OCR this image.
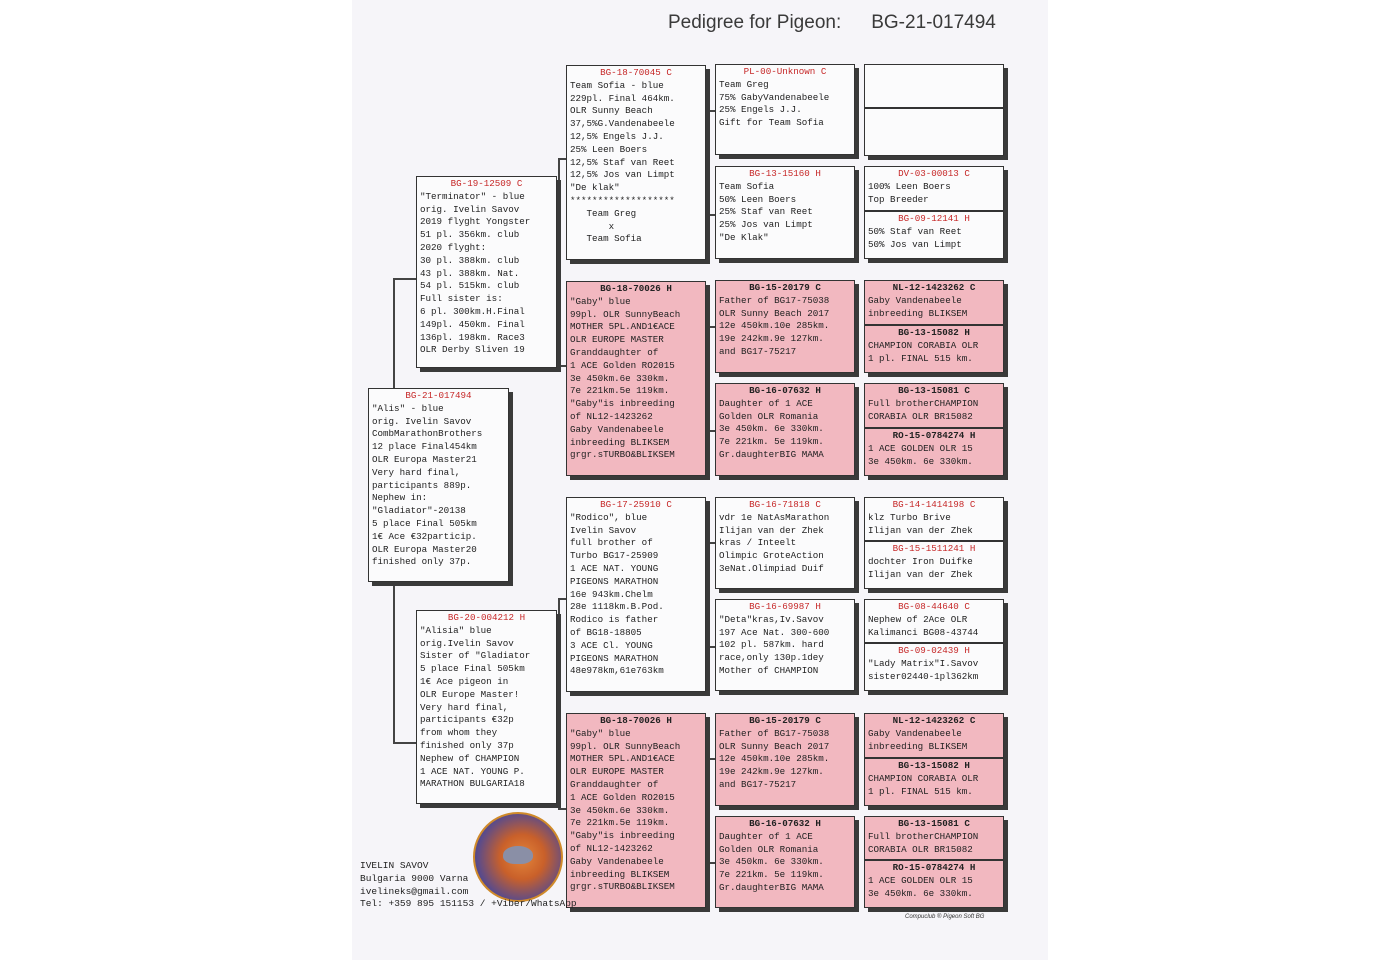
Pedigree for Pigeon: BG-21-017494
BG-21-017494
"Alis" - blue
orig. Ivelin Savov
CombMarathonBrothers
12 place Final454km
OLR Europa Master21
Very hard final,
participants 889p.
Nephew in:
"Gladiator"-20138
5 place Final 505km
1€ Ace €32particip.
OLR Europa Master20
finished only 37p.
BG-19-12509 C
"Terminator" - blue
orig. Ivelin Savov
2019 flyght Yongster
51 pl. 356km. club
2020 flyght:
30 pl. 388km. club
43 pl. 388km. Nat.
54 pl. 515km. club
Full sister is:
6 pl. 300km.H.Final
149pl. 450km. Final
136pl. 198km. Race3
OLR Derby Sliven 19
BG-20-004212 H
"Alisia" blue
orig.Ivelin Savov
Sister of "Gladiator
5 place Final 505km
1€ Ace pigeon in
OLR Europe Master!
Very hard final,
participants €32p
from whom they
finished only 37p
Nephew of CHAMPION
1 ACE NAT. YOUNG P.
MARATHON BULGARIA18
BG-18-70045 C
Team Sofia - blue
229pl. Final 464km.
OLR Sunny Beach
37,5%G.Vandenabeele
12,5% Engels J.J.
25% Leen Boers
12,5% Staf van Reet
12,5% Jos van Limpt
"De klak"
*******************
Team Greg
x
Team Sofia
BG-18-70026 H
"Gaby" blue
99pl. OLR SunnyBeach
MOTHER 5PL.AND1€ACE
OLR EUROPE MASTER
Granddaughter of
1 ACE Golden RO2015
3e 450km.6e 330km.
7e 221km.5e 119km.
"Gaby"is inbreeding
of NL12-1423262
Gaby Vandenabeele
inbreeding BLIKSEM
grgr.sTURBO&BLIKSEM
BG-17-25910 C
"Rodico", blue
Ivelin Savov
full brother of
Turbo BG17-25909
1 ACE NAT. YOUNG
PIGEONS MARATHON
16e 943km.Chelm
28e 1118km.B.Pod.
Rodico is father
of BG18-18805
3 ACE Cl. YOUNG
PIGEONS MARATHON
48e978km,61e763km
BG-18-70026 H
"Gaby" blue
99pl. OLR SunnyBeach
MOTHER 5PL.AND1€ACE
OLR EUROPE MASTER
Granddaughter of
1 ACE Golden RO2015
3e 450km.6e 330km.
7e 221km.5e 119km.
"Gaby"is inbreeding
of NL12-1423262
Gaby Vandenabeele
inbreeding BLIKSEM
grgr.sTURBO&BLIKSEM
PL-00-Unknown C
Team Greg
75% GabyVandenabeele
25% Engels J.J.
Gift for Team Sofia
BG-13-15160 H
Team Sofia
50% Leen Boers
25% Staf van Reet
25% Jos van Limpt
"De Klak"
BG-15-20179 C
Father of BG17-75038
OLR Sunny Beach 2017
12e 450km.10e 285km.
19e 242km.9e 127km.
and BG17-75217
BG-16-07632 H
Daughter of 1 ACE
Golden OLR Romania
3e 450km. 6e 330km.
7e 221km. 5e 119km.
Gr.daughterBIG MAMA
BG-16-71818 C
vdr 1e NatAsMarathon
Ilijan van der Zhek
kras / Inteelt
Olimpic GroteAction
3eNat.Olimpiad Duif
BG-16-69987 H
"Deta"kras,Iv.Savov
197 Ace Nat. 300-600
102 pl. 587km. hard
race,only 130p.1dey
Mother of CHAMPION
BG-15-20179 C
Father of BG17-75038
OLR Sunny Beach 2017
12e 450km.10e 285km.
19e 242km.9e 127km.
and BG17-75217
BG-16-07632 H
Daughter of 1 ACE
Golden OLR Romania
3e 450km. 6e 330km.
7e 221km. 5e 119km.
Gr.daughterBIG MAMA
DV-03-00013 C
100% Leen Boers
Top Breeder
BG-09-12141 H
50% Staf van Reet
50% Jos van Limpt
NL-12-1423262 C
Gaby Vandenabeele
inbreeding BLIKSEM
BG-13-15082 H
CHAMPION CORABIA OLR
1 pl. FINAL 515 km.
BG-13-15081 C
Full brotherCHAMPION
CORABIA OLR BR15082
RO-15-0784274 H
1 ACE GOLDEN OLR 15
3e 450km. 6e 330km.
BG-14-1414198 C
klz Turbo Brive
Ilijan van der Zhek
BG-15-1511241 H
dochter Iron Duifke
Ilijan van der Zhek
BG-08-44640 C
Nephew of 2Ace OLR
Kalimanci BG08-43744
BG-09-02439 H
"Lady Matrix"I.Savov
sister02440-1pl362km
NL-12-1423262 C
Gaby Vandenabeele
inbreeding BLIKSEM
BG-13-15082 H
CHAMPION CORABIA OLR
1 pl. FINAL 515 km.
BG-13-15081 C
Full brotherCHAMPION
CORABIA OLR BR15082
RO-15-0784274 H
1 ACE GOLDEN OLR 15
3e 450km. 6e 330km.
IVELIN SAVOV
Bulgaria 9000 Varna
ivelineks@gmail.com
Tel: +359 895 151153 / +Viber/WhatsApp
Compuclub ® Pigeon Soft BG
